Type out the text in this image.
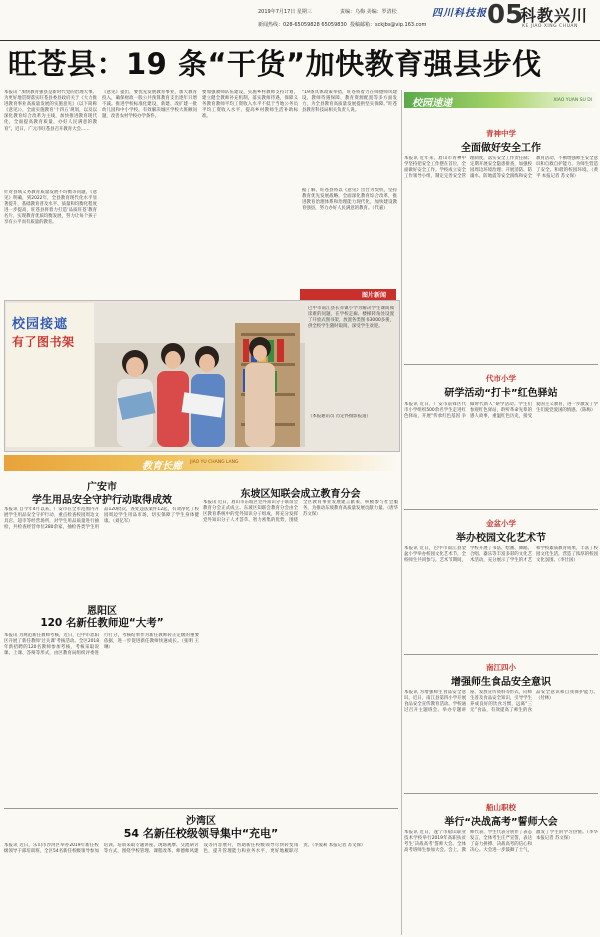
2019年7月17日 星期三	责编：乌梅 美编：罗清松	四川科技报
新闻热线：028-65059828 65059830 投稿邮箱：sckjbs@vip.163.com 05
科教兴川
KE JIAO XING CHUAN
旺苍县：19 条“干货”加快教育强县步伐
本报讯 “加快教育强县是新时代党的治理大事。为更好地贯彻落实旺苍县委县政府关于《大力推进教育事业高质量发展的实施意见》（以下简称《意见》），全面实施教育‘十四五’规划，以及以深化教育综合改革为主线，加快推进教育现代化，全面提高教育质量，办好人民满意的教育”。近日，广元市旺苍县召开教育大会……
针对县域义务教育质量发展不均衡等问题，《意见》明确，到2022年，全县教育现代化水平显著提升，基础教育普及水平、质量和均衡化程度进一步提高，旺苍县将着力打造‘品质旺苍’教育名片，实现教育优质均衡发展，努力让每个孩子享有公平而有质量的教育。
《意见》提出，要优先发展教育事业，加大教育投入，确保财政一般公共预算教育支出逐年只增不减。推进学校标准化建设，新建、改扩建一批幼儿园和中小学校，有效解决城区学校大班额问题，改善农村学校办学条件。
要加强教师队伍建设，实施乡村教师支持计划，建立健全教师补充机制，落实教师待遇，保障义务教育教师平均工资收入水平不低于当地公务员平均工资收入水平，提高乡村教师生活补助标准。
“19条具体政策举措，旺苍将着力在师德师风建设、教师待遇保障、教育资源配置等多方面发力，为全县教育高质量发展提供坚实保障。”旺苍县教育科技局相关负责人说。
据了解，旺苍县将以《意见》出台为契机，坚持教育优先发展战略，全面深化教育综合改革，推进教育治理体系和治理能力现代化，加快建设教育强县，努力办好人民满意的教育。（代嘉）
图片新闻
校园接遮
有了图书架
巴中市南江县长赤镇小学为解决学生课间阅读难的问题，在学校走廊、楼梯转角处设置了开放式图书架，放置各类图书3000多册，供全校学生随时取阅，深受学生欢迎。
（本报通讯员 肖定怀摄影报道）
教育长廊 JIAO YU CHANG LANG
广安市
学生用品安全守护行动取得成效
本报讯 自今年4月以来，广安市在全市范围内开展学生用品安全守护行动，重点检查校园周边文具店、超市等经营场所，对学生用品质量进行抽检，共检查经营单位280余家，抽检各类学生用品120批次，查处违法案件12起，有效净化了校园周边学生用品市场，切实保障了学生身体健康。（刘亿军）
恩阳区
120 名新任教师迎“大考”
本报讯 为规范新任教师考核，近日，巴中市恩阳区开展了新任教师‘过关课’考核活动。全区2018年新招聘的120名教师参加考核，考核采取说课、上课、答辩等形式，由区教育局组织评委进行打分，考核结果作为新任教师转正定级的重要依据，进一步促进新任教师快速成长。（张明 王琳）
东坡区知联会成立教育分会
本报讯 近日，眉山市东坡区党外知识分子联谊会教育分会正式成立。东坡区知联会教育分会由全区教育系统中的党外知识分子组成，将充分发挥党外知识分子人才荟萃、智力密集的优势，围绕全区教育事业发展建言献策，积极参与社会服务，为推动东坡教育高质量发展贡献力量。（唐华 苏文保）
沙湾区
54 名新任校级领导集中“充电”
本报讯 近日，乐山市沙湾区举办2019年新任校级领导干部培训班，全区54名新任校级领导参加培训。培训采取专题讲座、现场观摩、交流研讨等方式，围绕学校管理、课程改革、师德师风建设等内容展开，帮助新任校级领导尽快转变角色，提升管理能力和业务水平，更好地履职尽责。（李爱莉 本报记者 苏文保）
校园速递	XIAO YUAN SU DI
青神中学
全面做好安全工作
本报讯 近年来，眉山市青神中学坚持把安全工作摆在首位，全面做好安全工作。学校成立安全工作领导小组，制定完善安全管理制度，落实安全工作责任制；定期开展安全隐患排查，加强校园周边环境治理；开展消防、防溺水、防地震等安全演练和安全教育活动，不断增强师生安全意识和自救自护能力，为师生营造了安全、和谐的校园环境。（黄平 本报记者 苏文保）
代市小学
研学活动“打卡”红色驿站
本报讯 近日，广安市前锋区代市小学组织500余名学生走进红色驿站，开展“传承红色基因 争做时代新人”研学活动。学生们参观红色驿站，聆听革命先辈的感人故事，重温红色历史，接受爱国主义教育，进一步激发了学生们爱党爱国的情感。（陈梅）
金盆小学
举办校园文化艺术节
本报讯 近日，巴中市南江县金盆小学举办校园文化艺术节，全校师生共同参与。艺术节期间，学校开展了书法、绘画、舞蹈、合唱、器乐等丰富多彩的文化艺术活动，充分展示了学生的才艺和学校素质教育成果，丰富了校园文化生活，营造了浓厚的校园文化氛围。（李仕国）
南江四小
增强师生食品安全意识
本报讯 为增强师生食品安全意识，近日，南江县第四小学开展食品安全宣传教育活动。学校通过召开主题班会、举办专题讲座、发放宣传资料等形式，向师生普及食品安全知识，引导学生养成良好的饮食习惯，远离“三无”食品，有效提高了师生的食品安全意识和自我保护能力。（付林）
船山职校
举行“决战高考”誓师大会
本报讯 近日，遂宁市船山职业技术学校举行2019年高职扶贫考生‘决战高考’誓师大会。全体高考班师生参加大会。会上，教师代表、学生代表分别作了表态发言，全体考生庄严宣誓，表达了奋力拼搏、决战高考的信心和决心。大会进一步鼓舞了士气，激发了学生的学习热情。（李华 本报记者 苏文保）
